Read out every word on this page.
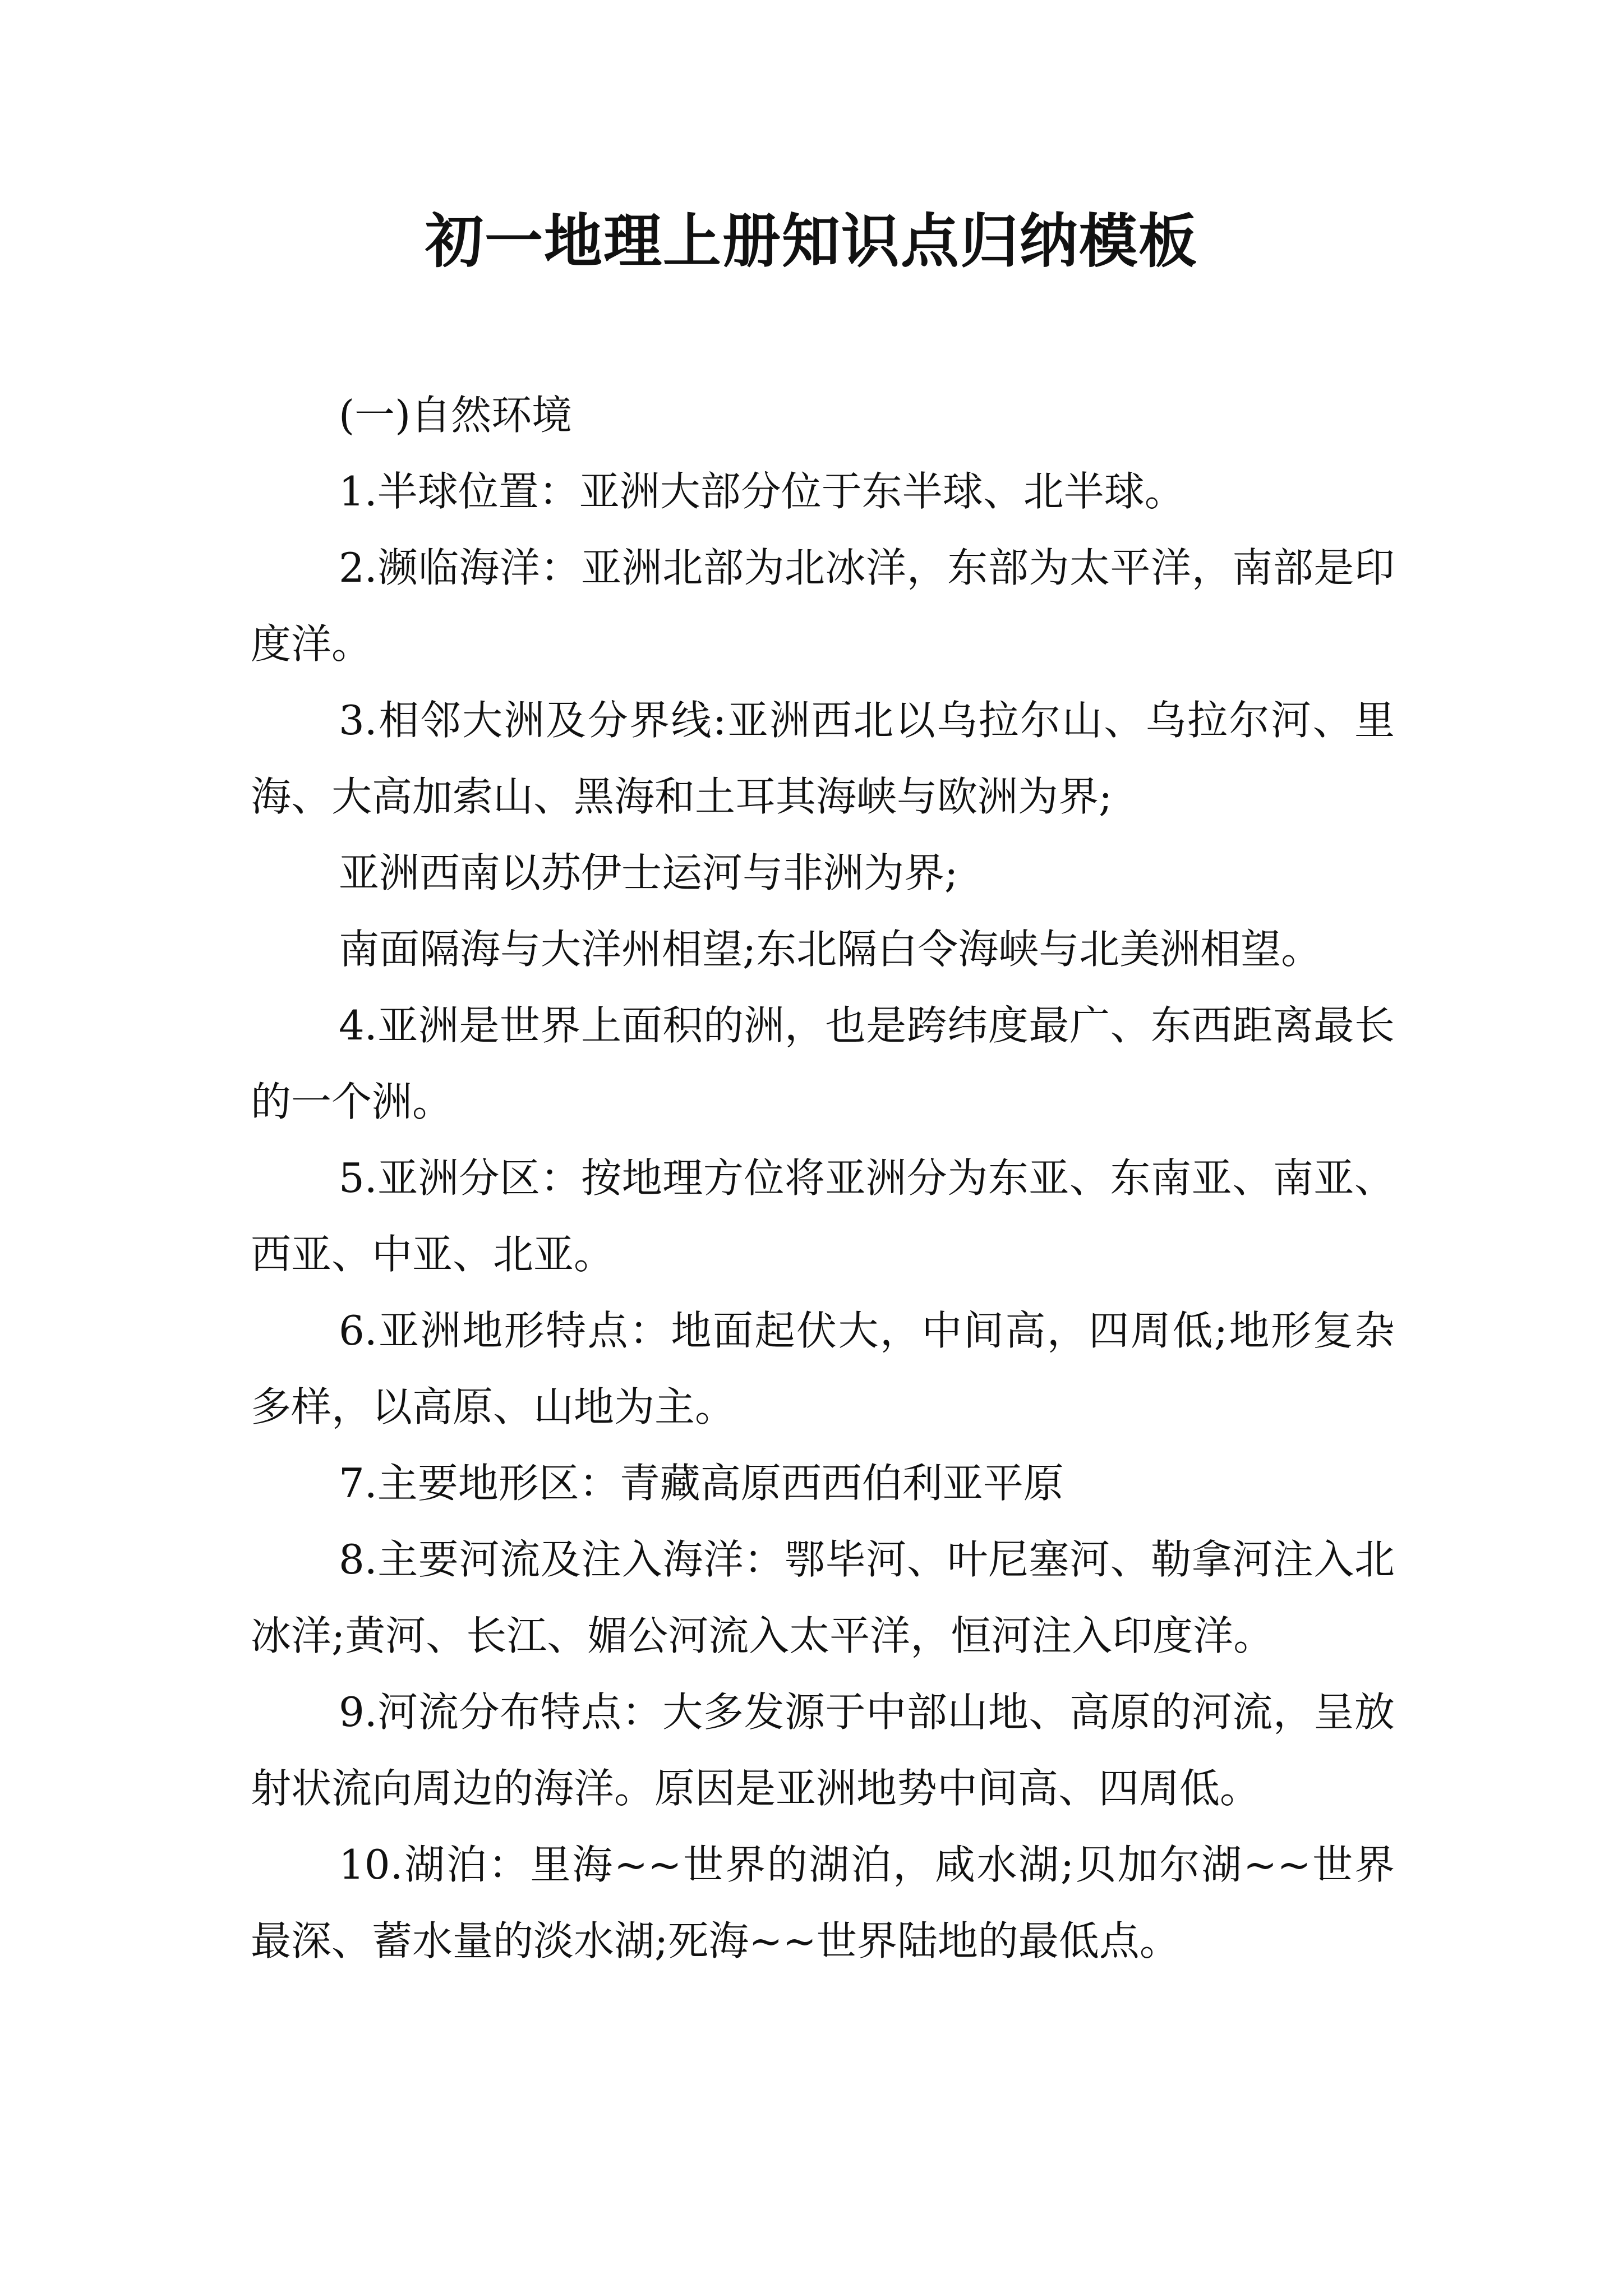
初一地理上册知识点归纳模板

(一)自然环境

1.半球位置：亚洲大部分位于东半球、北半球。

2.濒临海洋：亚洲北部为北冰洋，东部为太平洋，南部是印度洋。

3.相邻大洲及分界线:亚洲西北以乌拉尔山、乌拉尔河、里海、大高加索山、黑海和土耳其海峡与欧洲为界;

亚洲西南以苏伊士运河与非洲为界;

南面隔海与大洋州相望;东北隔白令海峡与北美洲相望。

4.亚洲是世界上面积的洲，也是跨纬度最广、东西距离最长的一个洲。

5.亚洲分区：按地理方位将亚洲分为东亚、东南亚、南亚、西亚、中亚、北亚。

6.亚洲地形特点：地面起伏大，中间高，四周低;地形复杂多样，以高原、山地为主。

7.主要地形区：青藏高原西西伯利亚平原

8.主要河流及注入海洋：鄂毕河、叶尼塞河、勒拿河注入北冰洋;黄河、长江、媚公河流入太平洋，恒河注入印度洋。

9.河流分布特点：大多发源于中部山地、高原的河流，呈放射状流向周边的海洋。原因是亚洲地势中间高、四周低。

10.湖泊：里海~~世界的湖泊，咸水湖;贝加尔湖~~世界最深、蓄水量的淡水湖;死海~~世界陆地的最低点。
